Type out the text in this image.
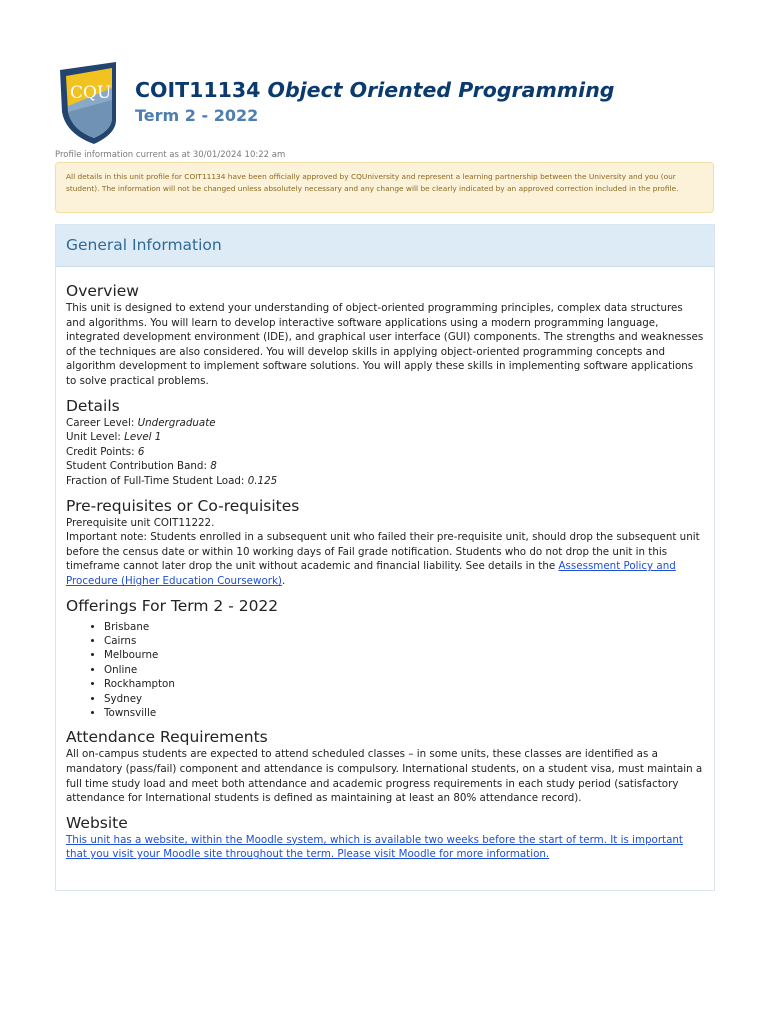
CQU COIT11134 Object Oriented Programming
Term 2 - 2022
Profile information current as at 30/01/2024 10:22 am
All details in this unit profile for COIT11134 have been officially approved by CQUniversity and represent a learning partnership between the University and you (our student). The information will not be changed unless absolutely necessary and any change will be clearly indicated by an approved correction included in the profile.
General Information
Overview

This unit is designed to extend your understanding of object-oriented programming principles, complex data structures and algorithms. You will learn to develop interactive software applications using a modern programming language, integrated development environment (IDE), and graphical user interface (GUI) components. The strengths and weaknesses of the techniques are also considered. You will develop skills in applying object-oriented programming concepts and algorithm development to implement software solutions. You will apply these skills in implementing software applications to solve practical problems.

Details

Career Level: Undergraduate

Unit Level: Level 1

Credit Points: 6

Student Contribution Band: 8

Fraction of Full-Time Student Load: 0.125

Pre-requisites or Co-requisites

Prerequisite unit COIT11222.

Important note: Students enrolled in a subsequent unit who failed their pre-requisite unit, should drop the subsequent unit before the census date or within 10 working days of Fail grade notification. Students who do not drop the unit in this timeframe cannot later drop the unit without academic and financial liability. See details in the Assessment Policy and Procedure (Higher Education Coursework).

Offerings For Term 2 - 2022
• Brisbane
• Cairns
• Melbourne
• Online
• Rockhampton
• Sydney
• Townsville
Attendance Requirements

All on-campus students are expected to attend scheduled classes – in some units, these classes are identified as a mandatory (pass/fail) component and attendance is compulsory. International students, on a student visa, must maintain a full time study load and meet both attendance and academic progress requirements in each study period (satisfactory attendance for International students is defined as maintaining at least an 80% attendance record).

Website

This unit has a website, within the Moodle system, which is available two weeks before the start of term. It is important that you visit your Moodle site throughout the term. Please visit Moodle for more information.
